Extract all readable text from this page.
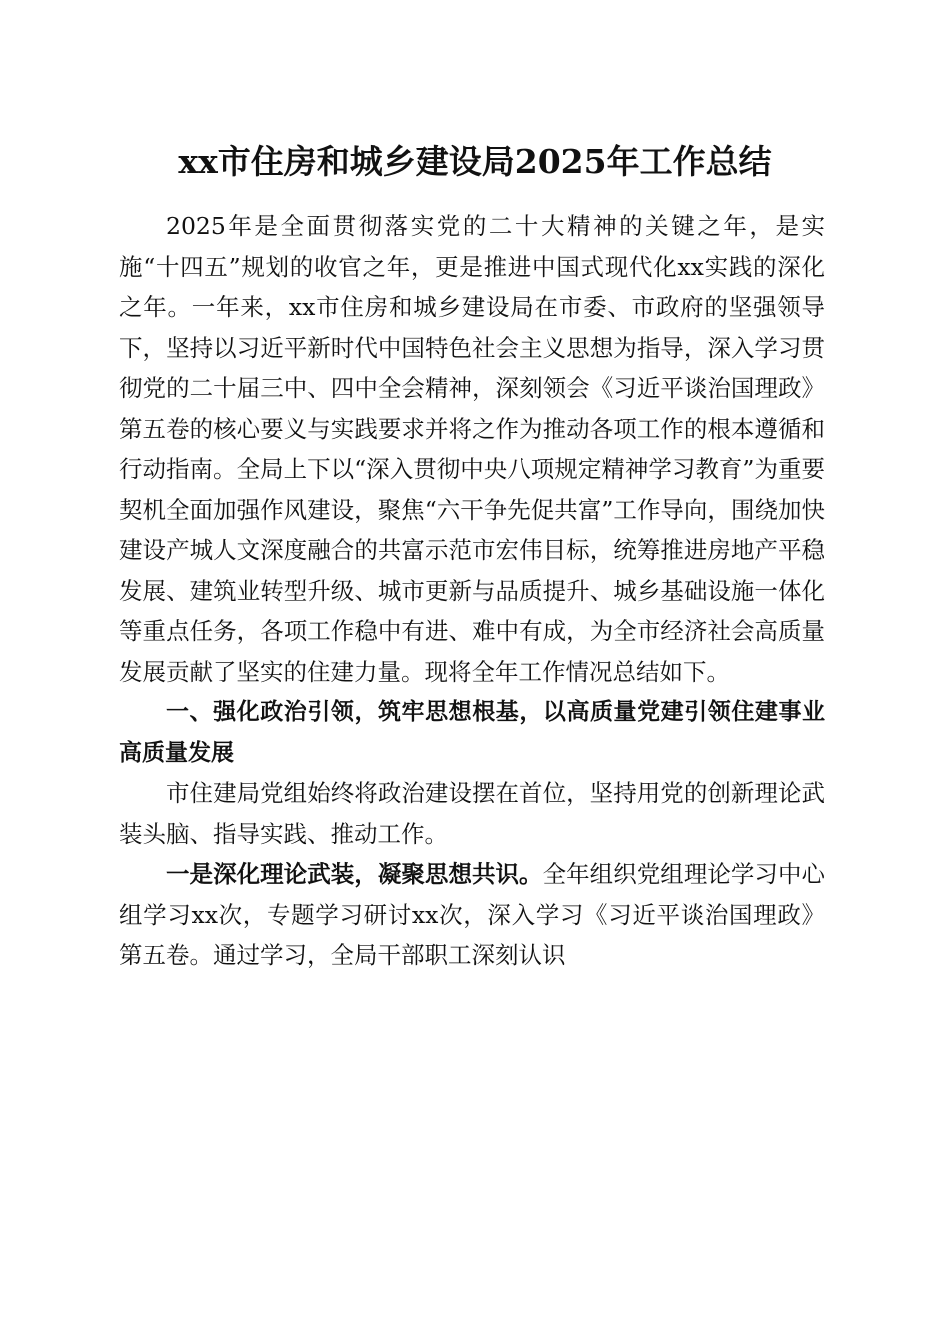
xx市住房和城乡建设局2025年工作总结

2025年是全面贯彻落实党的二十大精神的关键之年，是实施“十四五”规划的收官之年，更是推进中国式现代化xx实践的深化之年。一年来，xx市住房和城乡建设局在市委、市政府的坚强领导下，坚持以习近平新时代中国特色社会主义思想为指导，深入学习贯彻党的二十届三中、四中全会精神，深刻领会《习近平谈治国理政》第五卷的核心要义与实践要求并将之作为推动各项工作的根本遵循和行动指南。全局上下以“深入贯彻中央八项规定精神学习教育”为重要契机全面加强作风建设，聚焦“六干争先促共富”工作导向，围绕加快建设产城人文深度融合的共富示范市宏伟目标，统筹推进房地产平稳发展、建筑业转型升级、城市更新与品质提升、城乡基础设施一体化等重点任务，各项工作稳中有进、难中有成，为全市经济社会高质量发展贡献了坚实的住建力量。现将全年工作情况总结如下。

一、强化政治引领，筑牢思想根基，以高质量党建引领住建事业高质量发展

市住建局党组始终将政治建设摆在首位，坚持用党的创新理论武装头脑、指导实践、推动工作。

一是深化理论武装，凝聚思想共识。全年组织党组理论学习中心组学习xx次，专题学习研讨xx次，深入学习《习近平谈治国理政》第五卷。通过学习，全局干部职工深刻认识
